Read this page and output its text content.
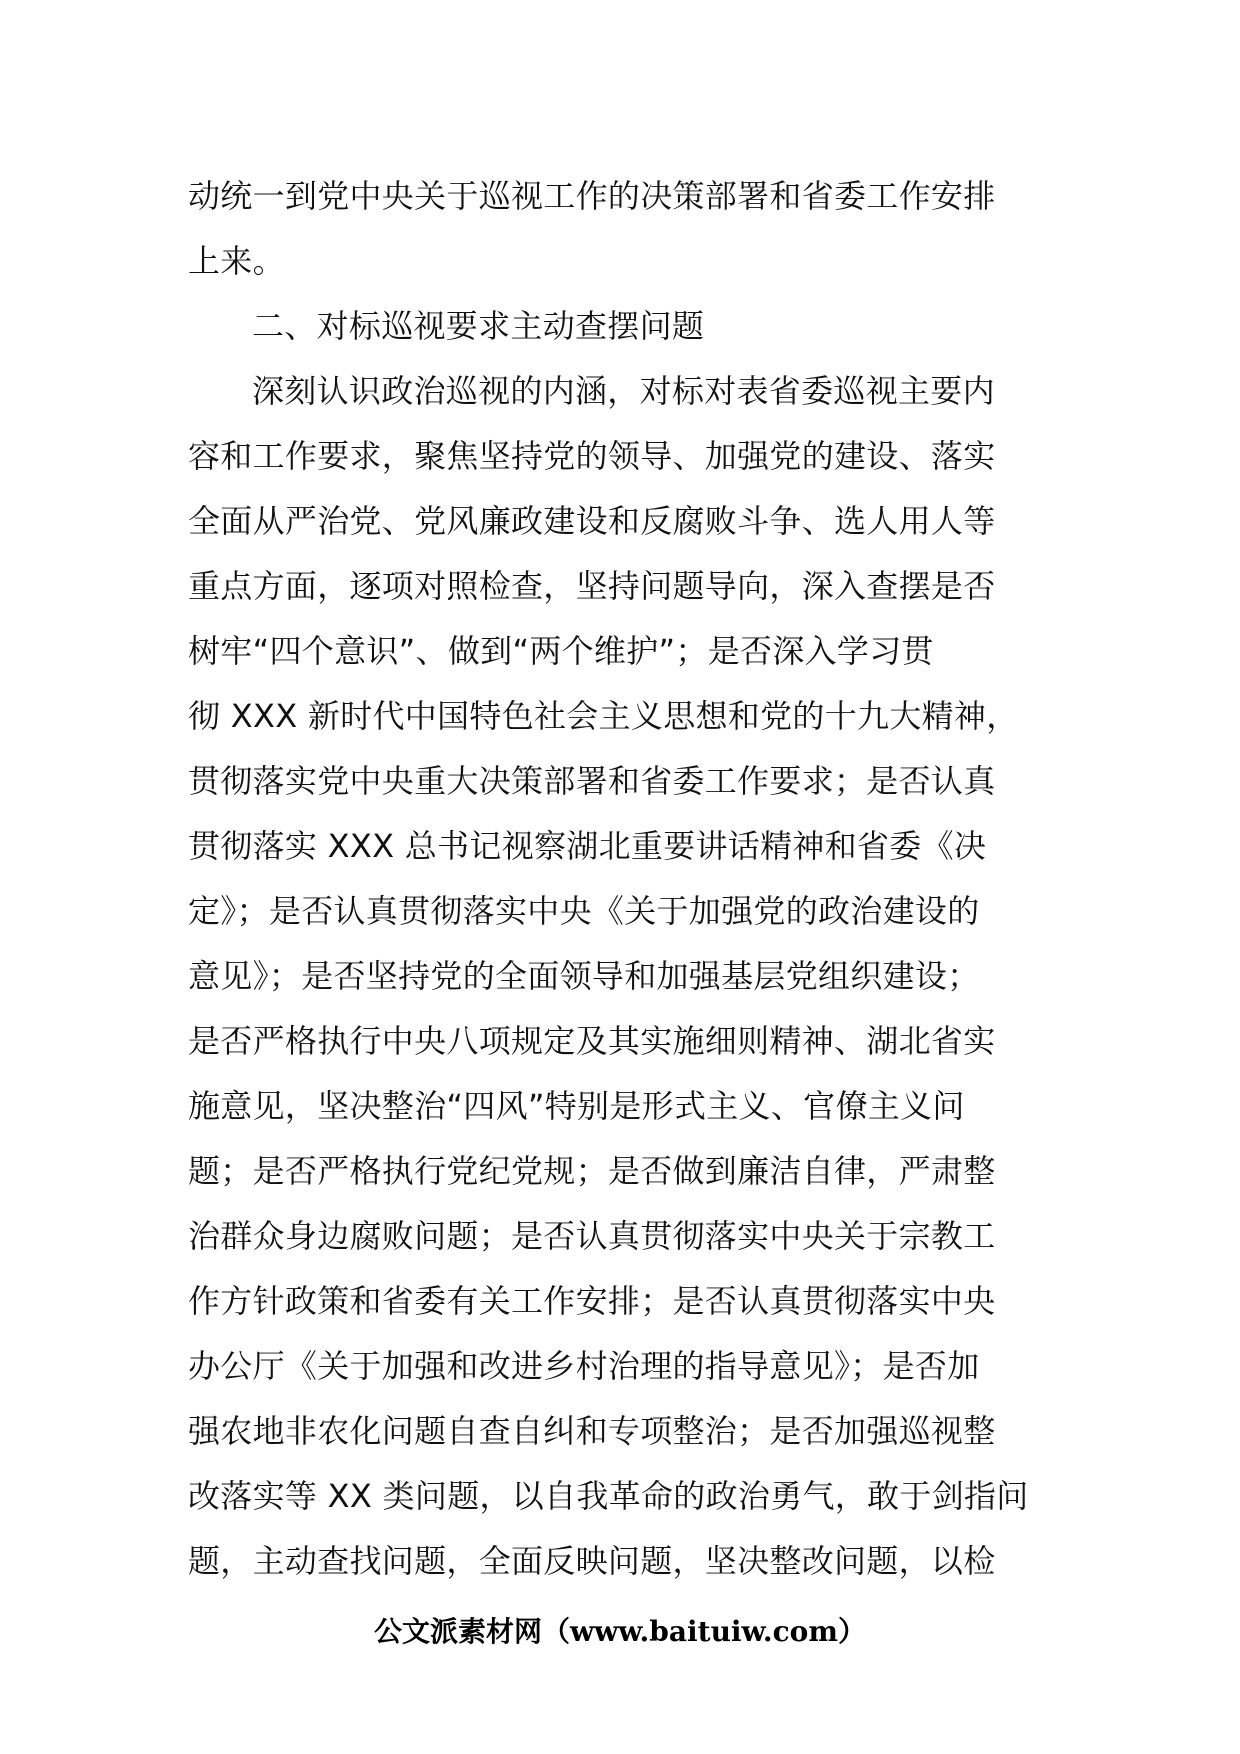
动统一到党中央关于巡视工作的决策部署和省委工作安排
上来。
二、对标巡视要求主动查摆问题
深刻认识政治巡视的内涵，对标对表省委巡视主要内
容和工作要求，聚焦坚持党的领导、加强党的建设、落实
全面从严治党、党风廉政建设和反腐败斗争、选人用人等
重点方面，逐项对照检查，坚持问题导向，深入查摆是否
树牢“四个意识”、做到“两个维护”；是否深入学习贯
彻 XXX 新时代中国特色社会主义思想和党的十九大精神，
贯彻落实党中央重大决策部署和省委工作要求；是否认真
贯彻落实 XXX 总书记视察湖北重要讲话精神和省委《决
定》；是否认真贯彻落实中央《关于加强党的政治建设的
意见》；是否坚持党的全面领导和加强基层党组织建设；
是否严格执行中央八项规定及其实施细则精神、湖北省实
施意见，坚决整治“四风”特别是形式主义、官僚主义问
题；是否严格执行党纪党规；是否做到廉洁自律，严肃整
治群众身边腐败问题；是否认真贯彻落实中央关于宗教工
作方针政策和省委有关工作安排；是否认真贯彻落实中央
办公厅《关于加强和改进乡村治理的指导意见》；是否加
强农地非农化问题自查自纠和专项整治；是否加强巡视整
改落实等 XX 类问题，以自我革命的政治勇气，敢于剑指问
题，主动查找问题，全面反映问题，坚决整改问题，以检
公文派素材网（www.baituiw.com）
